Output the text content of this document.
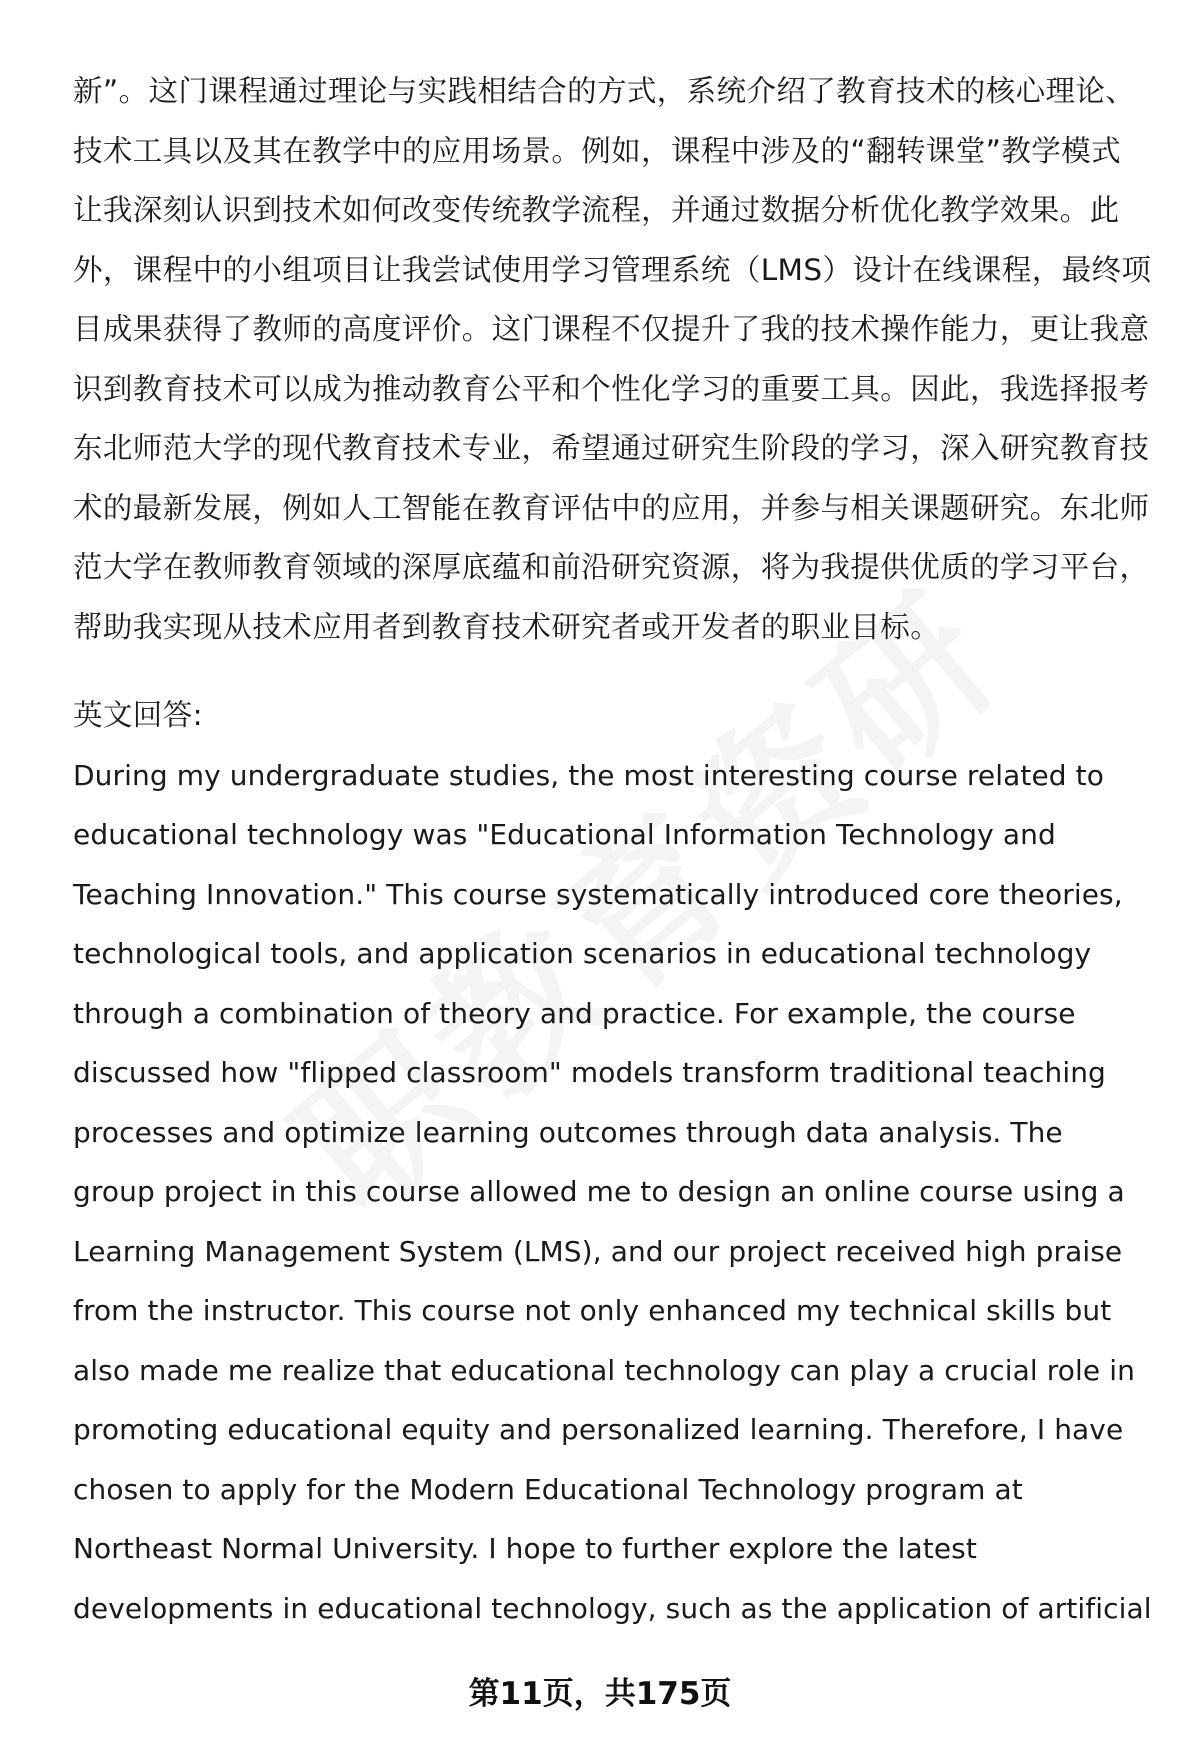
新”。这门课程通过理论与实践相结合的方式，系统介绍了教育技术的核心理论、
技术工具以及其在教学中的应用场景。例如，课程中涉及的“翻转课堂”教学模式
让我深刻认识到技术如何改变传统教学流程，并通过数据分析优化教学效果。此
外，课程中的小组项目让我尝试使用学习管理系统（LMS）设计在线课程，最终项
目成果获得了教师的高度评价。这门课程不仅提升了我的技术操作能力，更让我意
识到教育技术可以成为推动教育公平和个性化学习的重要工具。因此，我选择报考
东北师范大学的现代教育技术专业，希望通过研究生阶段的学习，深入研究教育技
术的最新发展，例如人工智能在教育评估中的应用，并参与相关课题研究。东北师
范大学在教师教育领域的深厚底蕴和前沿研究资源，将为我提供优质的学习平台，
帮助我实现从技术应用者到教育技术研究者或开发者的职业目标。
英文回答:
During my undergraduate studies, the most interesting course related to
educational technology was "Educational Information Technology and
Teaching Innovation." This course systematically introduced core theories,
technological tools, and application scenarios in educational technology
through a combination of theory and practice. For example, the course
discussed how "flipped classroom" models transform traditional teaching
processes and optimize learning outcomes through data analysis. The
group project in this course allowed me to design an online course using a
Learning Management System (LMS), and our project received high praise
from the instructor. This course not only enhanced my technical skills but
also made me realize that educational technology can play a crucial role in
promoting educational equity and personalized learning. Therefore, I have
chosen to apply for the Modern Educational Technology program at
Northeast Normal University. I hope to further explore the latest
developments in educational technology, such as the application of artificial
第11页，共175页
